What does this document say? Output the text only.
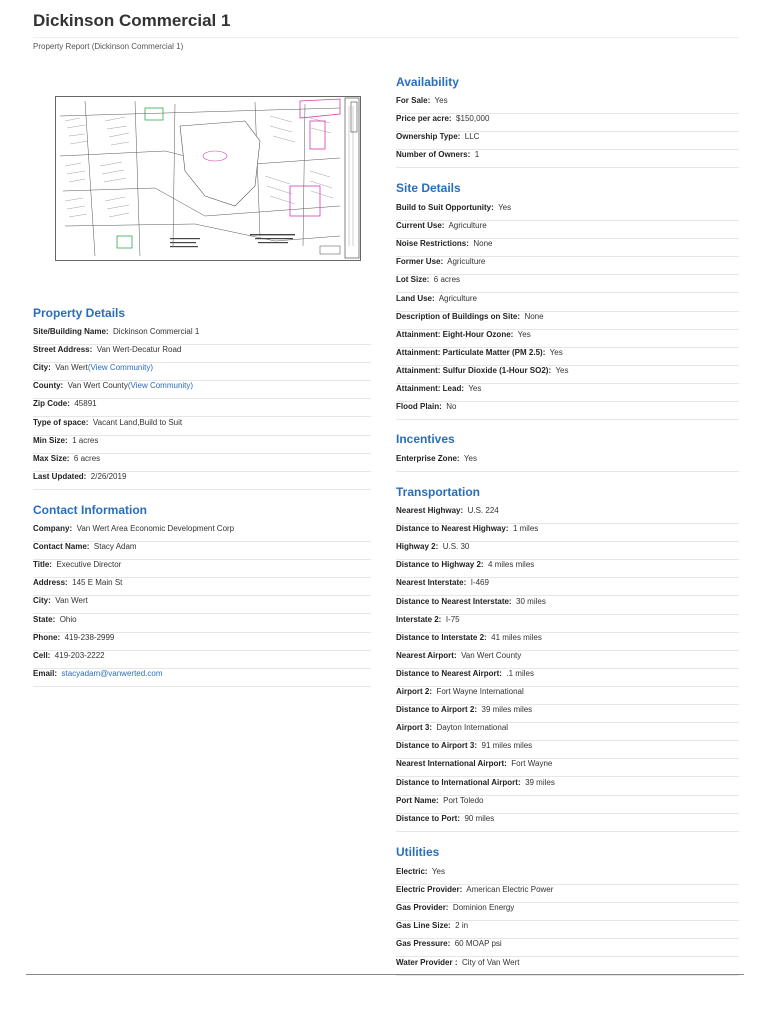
Dickinson Commercial 1
Property Report (Dickinson Commercial 1)
Property Details
Site/Building Name: Dickinson Commercial 1
Street Address: Van Wert-Decatur Road
City: Van Wert(View Community)
County: Van Wert County(View Community)
Zip Code: 45891
Type of space: Vacant Land,Build to Suit
Min Size: 1 acres
Max Size: 6 acres
Last Updated: 2/26/2019
Contact Information
Company: Van Wert Area Economic Development Corp
Contact Name: Stacy Adam
Title: Executive Director
Address: 145 E Main St
City: Van Wert
State: Ohio
Phone: 419-238-2999
Cell: 419-203-2222
Email: stacyadam@vanwerted.com
Availability
For Sale: Yes
Price per acre: $150,000
Ownership Type: LLC
Number of Owners: 1
Site Details
Build to Suit Opportunity: Yes
Current Use: Agriculture
Noise Restrictions: None
Former Use: Agriculture
Lot Size: 6 acres
Land Use: Agriculture
Description of Buildings on Site: None
Attainment: Eight-Hour Ozone: Yes
Attainment: Particulate Matter (PM 2.5): Yes
Attainment: Sulfur Dioxide (1-Hour SO2): Yes
Attainment: Lead: Yes
Flood Plain: No
Incentives
Enterprise Zone: Yes
Transportation
Nearest Highway: U.S. 224
Distance to Nearest Highway: 1 miles
Highway 2: U.S. 30
Distance to Highway 2: 4 miles miles
Nearest Interstate: I-469
Distance to Nearest Interstate: 30 miles
Interstate 2: I-75
Distance to Interstate 2: 41 miles miles
Nearest Airport: Van Wert County
Distance to Nearest Airport: .1 miles
Airport 2: Fort Wayne International
Distance to Airport 2: 39 miles miles
Airport 3: Dayton International
Distance to Airport 3: 91 miles miles
Nearest International Airport: Fort Wayne
Distance to International Airport: 39 miles
Port Name: Port Toledo
Distance to Port: 90 miles
Utilities
Electric: Yes
Electric Provider: American Electric Power
Gas Provider: Dominion Energy
Gas Line Size: 2 in
Gas Pressure: 60 MOAP psi
Water Provider : City of Van Wert
